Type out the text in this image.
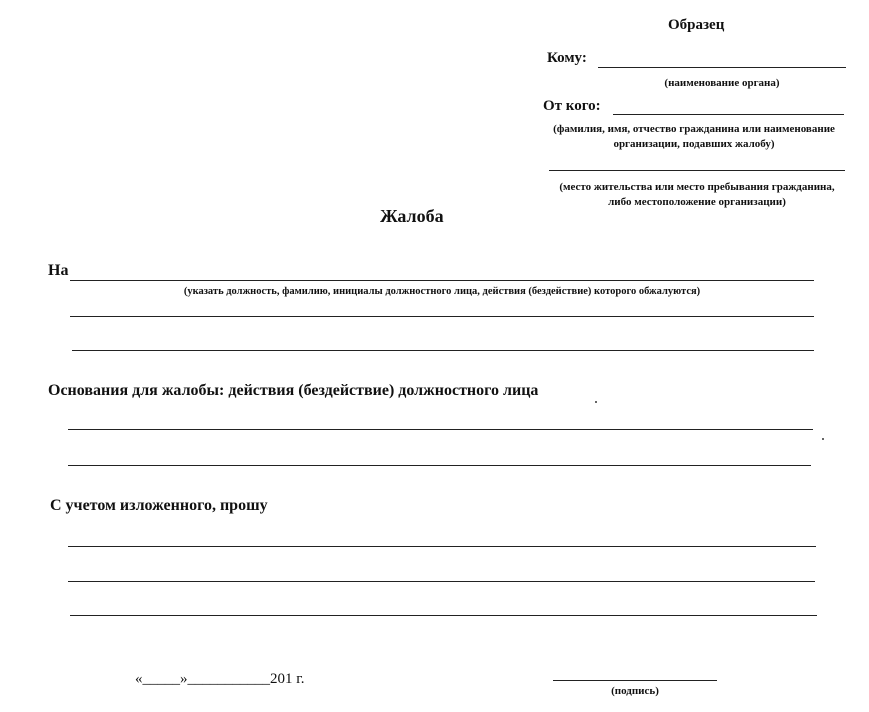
Образец
Кому:
(наименование органа)
От кого:
(фамилия, имя, отчество гражданина или наименование
организации, подавших жалобу)
(место жительства или место пребывания гражданина,
либо местоположение организации)
Жалоба
На
(указать должность, фамилию, инициалы должностного лица, действия (бездействие) которого обжалуются)
Основания для жалобы: действия (бездействие) должностного лица
С учетом изложенного, прошу
«_____»___________201 г.
(подпись)
